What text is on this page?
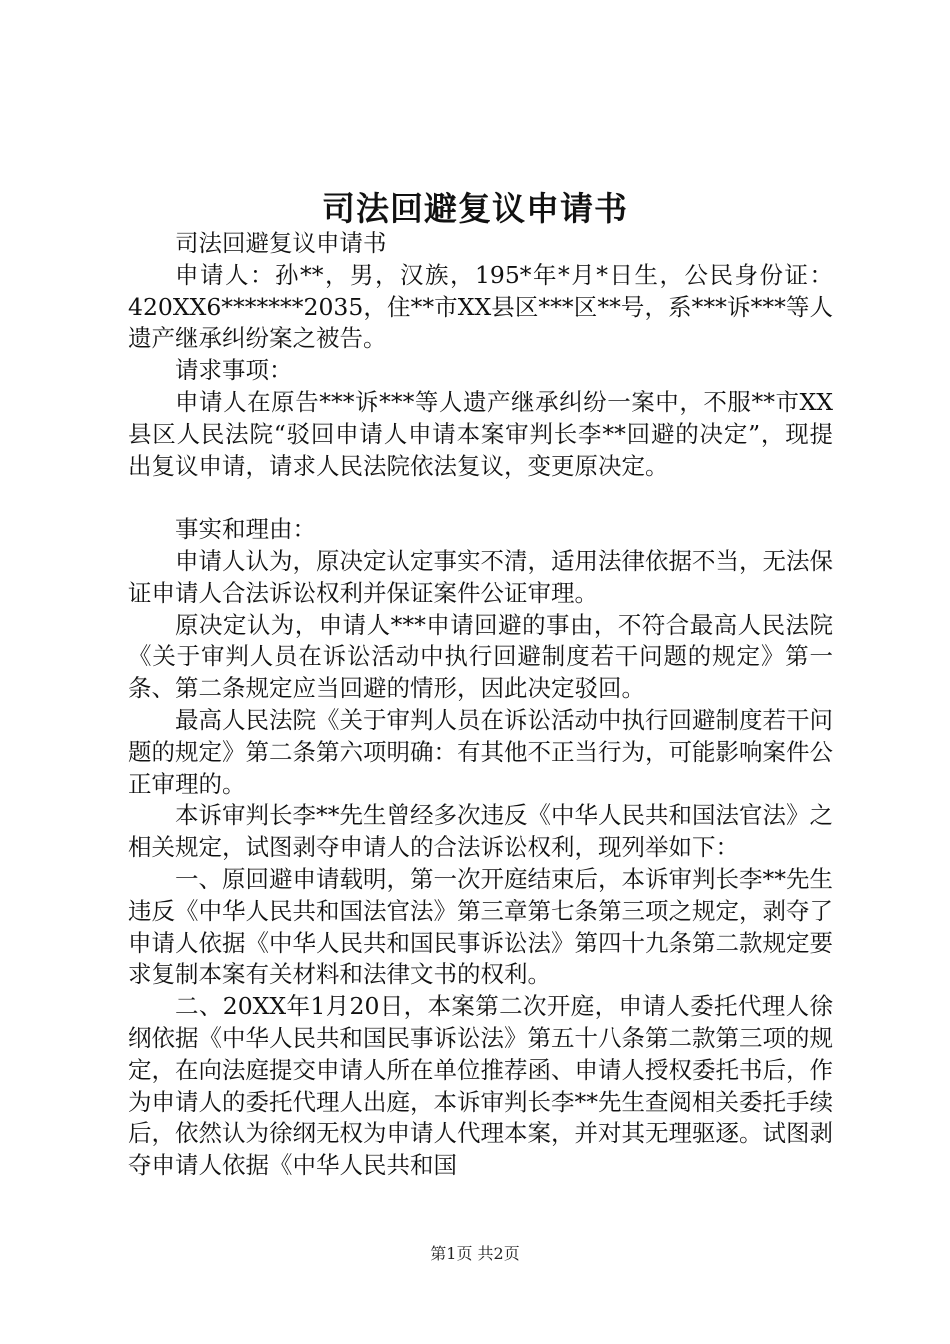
司法回避复议申请书

司法回避复议申请书

申请人：孙**，男，汉族，195*年*月*日生，公民身份证：420XX6*******2035，住**市XX县区***区**号，系***诉***等人遗产继承纠纷案之被告。

请求事项：

申请人在原告***诉***等人遗产继承纠纷一案中，不服**市XX县区人民法院“驳回申请人申请本案审判长李**回避的决定”，现提出复议申请，请求人民法院依法复议，变更原决定。

事实和理由：

申请人认为，原决定认定事实不清，适用法律依据不当，无法保证申请人合法诉讼权利并保证案件公证审理。

原决定认为，申请人***申请回避的事由，不符合最高人民法院《关于审判人员在诉讼活动中执行回避制度若干问题的规定》第一条、第二条规定应当回避的情形，因此决定驳回。

最高人民法院《关于审判人员在诉讼活动中执行回避制度若干问题的规定》第二条第六项明确：有其他不正当行为，可能影响案件公正审理的。

本诉审判长李**先生曾经多次违反《中华人民共和国法官法》之相关规定，试图剥夺申请人的合法诉讼权利，现列举如下：

一、原回避申请载明，第一次开庭结束后，本诉审判长李**先生违反《中华人民共和国法官法》第三章第七条第三项之规定，剥夺了申请人依据《中华人民共和国民事诉讼法》第四十九条第二款规定要求复制本案有关材料和法律文书的权利。

二、20XX年1月20日，本案第二次开庭，申请人委托代理人徐纲依据《中华人民共和国民事诉讼法》第五十八条第二款第三项的规定，在向法庭提交申请人所在单位推荐函、申请人授权委托书后，作为申请人的委托代理人出庭，本诉审判长李**先生查阅相关委托手续后，依然认为徐纲无权为申请人代理本案，并对其无理驱逐。试图剥夺申请人依据《中华人民共和国

第1页 共2页
